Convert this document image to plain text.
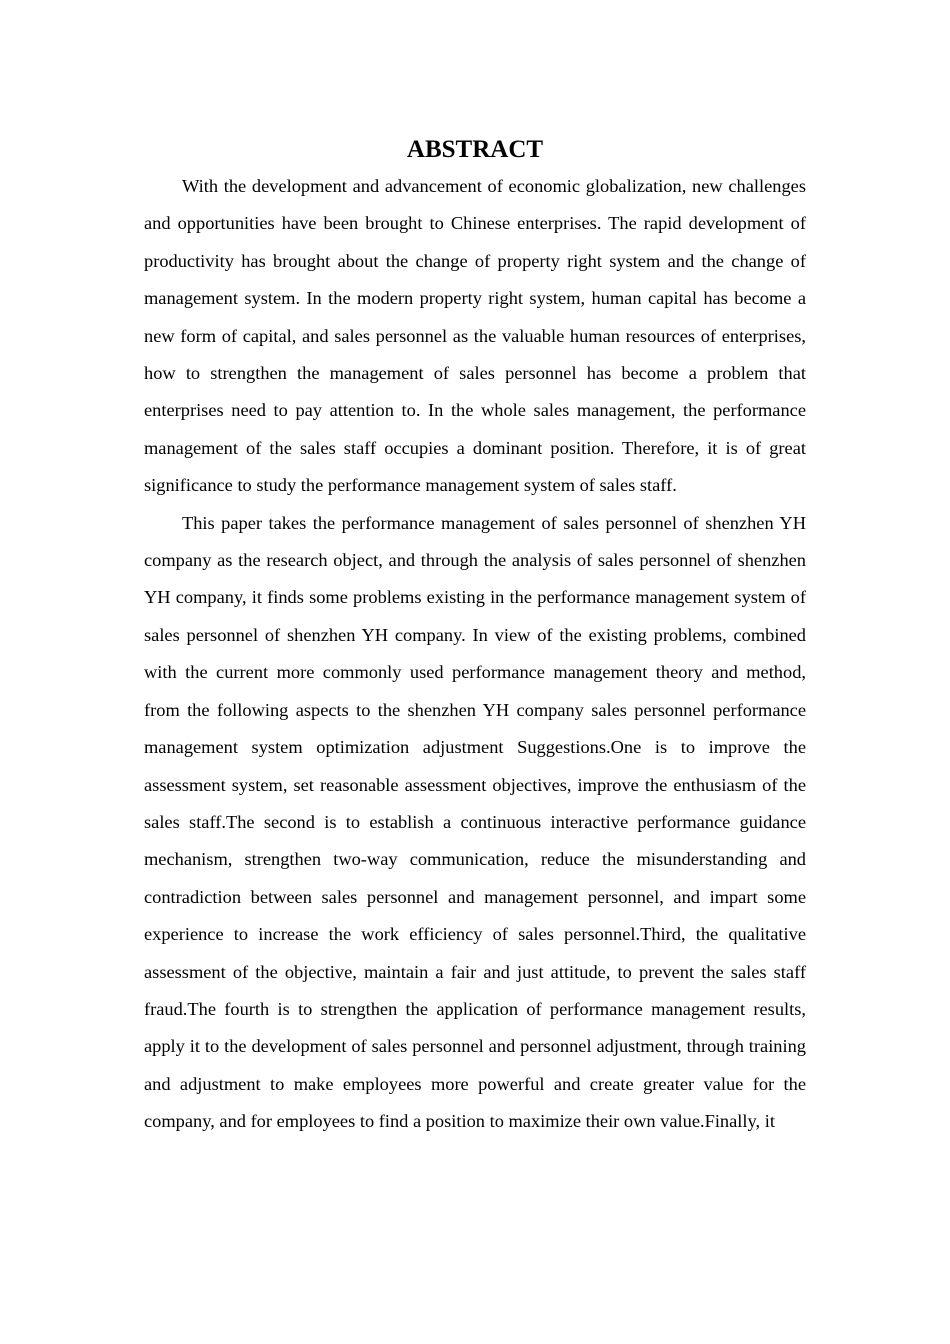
ABSTRACT

With the development and advancement of economic globalization, new challenges and opportunities have been brought to Chinese enterprises. The rapid development of productivity has brought about the change of property right system and the change of management system. In the modern property right system, human capital has become a new form of capital, and sales personnel as the valuable human resources of enterprises, how to strengthen the management of sales personnel has become a problem that enterprises need to pay attention to. In the whole sales management, the performance management of the sales staff occupies a dominant position. Therefore, it is of great significance to study the performance management system of sales staff.

This paper takes the performance management of sales personnel of shenzhen YH company as the research object, and through the analysis of sales personnel of shenzhen YH company, it finds some problems existing in the performance management system of sales personnel of shenzhen YH company. In view of the existing problems, combined with the current more commonly used performance management theory and method, from the following aspects to the shenzhen YH company sales personnel performance management system optimization adjustment Suggestions.One is to improve the assessment system, set reasonable assessment objectives, improve the enthusiasm of the sales staff.The second is to establish a continuous interactive performance guidance mechanism, strengthen two-way communication, reduce the misunderstanding and contradiction between sales personnel and management personnel, and impart some experience to increase the work efficiency of sales personnel.Third, the qualitative assessment of the objective, maintain a fair and just attitude, to prevent the sales staff fraud.The fourth is to strengthen the application of performance management results, apply it to the development of sales personnel and personnel adjustment, through training and adjustment to make employees more powerful and create greater value for the company, and for employees to find a position to maximize their own value.Finally, it
